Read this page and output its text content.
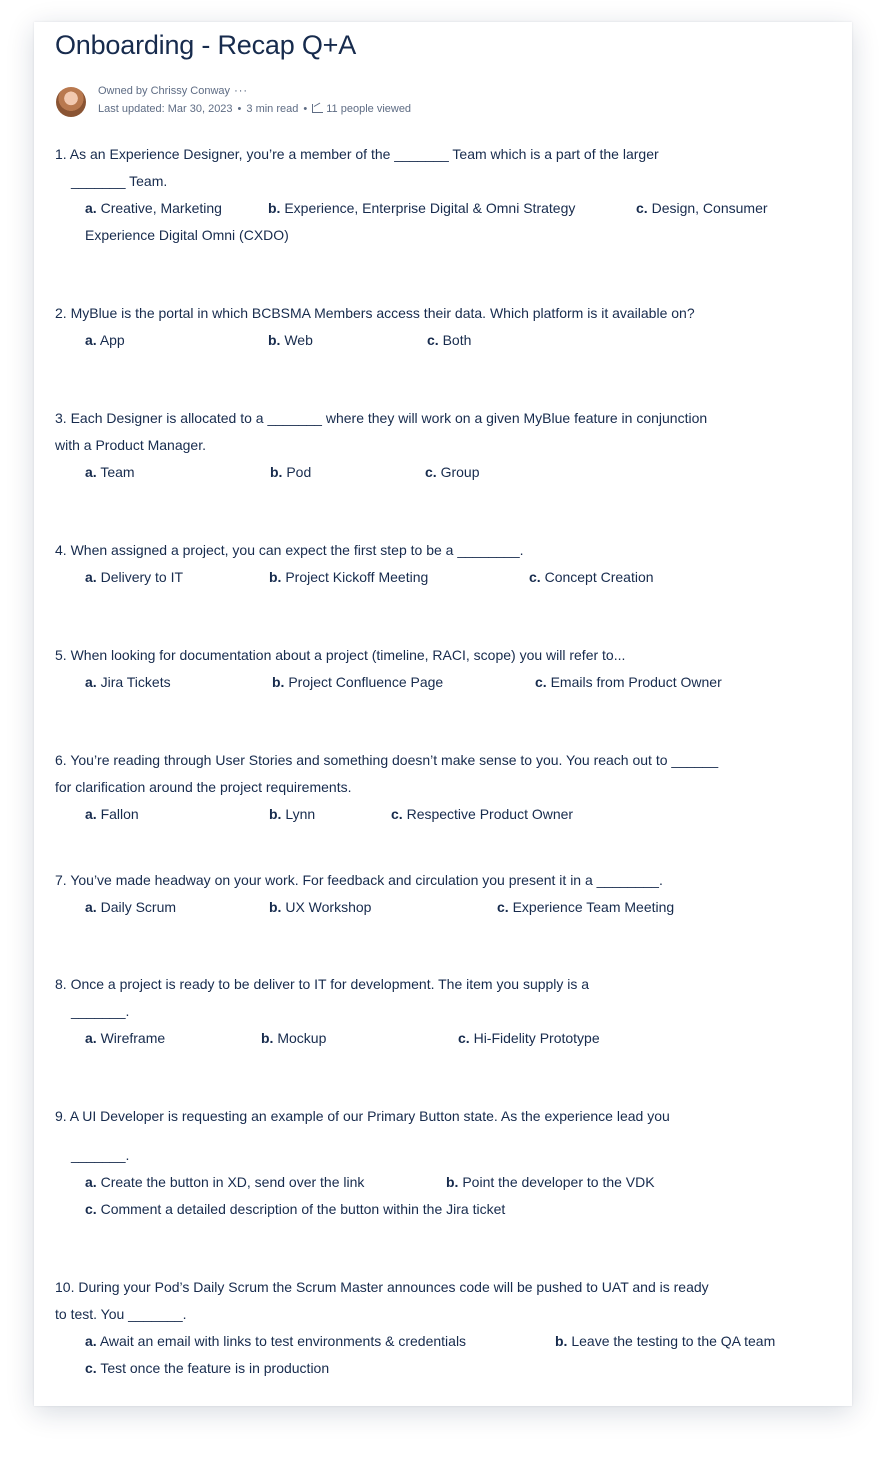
Onboarding - Recap Q+A
Owned by Chrissy Conway ···
Last updated: Mar 30, 2023 • 3 min read • 11 people viewed

1. As an Experience Designer, you’re a member of the _______ Team which is a part of the larger

_______ Team.

a. Creative, Marketing	b. Experience, Enterprise Digital & Omni Strategy	c. Design, Consumer

Experience Digital Omni (CXDO)

2. MyBlue is the portal in which BCBSMA Members access their data. Which platform is it available on?

a. App	b. Web	c. Both

3. Each Designer is allocated to a _______ where they will work on a given MyBlue feature in conjunction

with a Product Manager.

a. Team	b. Pod	c. Group

4. When assigned a project, you can expect the first step to be a ________.

a. Delivery to IT	b. Project Kickoff Meeting	c. Concept Creation

5. When looking for documentation about a project (timeline, RACI, scope) you will refer to...

a. Jira Tickets	b. Project Confluence Page	c. Emails from Product Owner

6. You’re reading through User Stories and something doesn’t make sense to you. You reach out to ______

for clarification around the project requirements.

a. Fallon	b. Lynn	c. Respective Product Owner

7. You’ve made headway on your work. For feedback and circulation you present it in a ________.

a. Daily Scrum	b. UX Workshop	c. Experience Team Meeting

8. Once a project is ready to be deliver to IT for development. The item you supply is a

_______.

a. Wireframe	b. Mockup	c. Hi-Fidelity Prototype

9. A UI Developer is requesting an example of our Primary Button state. As the experience lead you

_______.

a. Create the button in XD, send over the link	b. Point the developer to the VDK
c. Comment a detailed description of the button within the Jira ticket

10. During your Pod’s Daily Scrum the Scrum Master announces code will be pushed to UAT and is ready

to test. You _______.

a. Await an email with links to test environments & credentials	b. Leave the testing to the QA team
c. Test once the feature is in production
